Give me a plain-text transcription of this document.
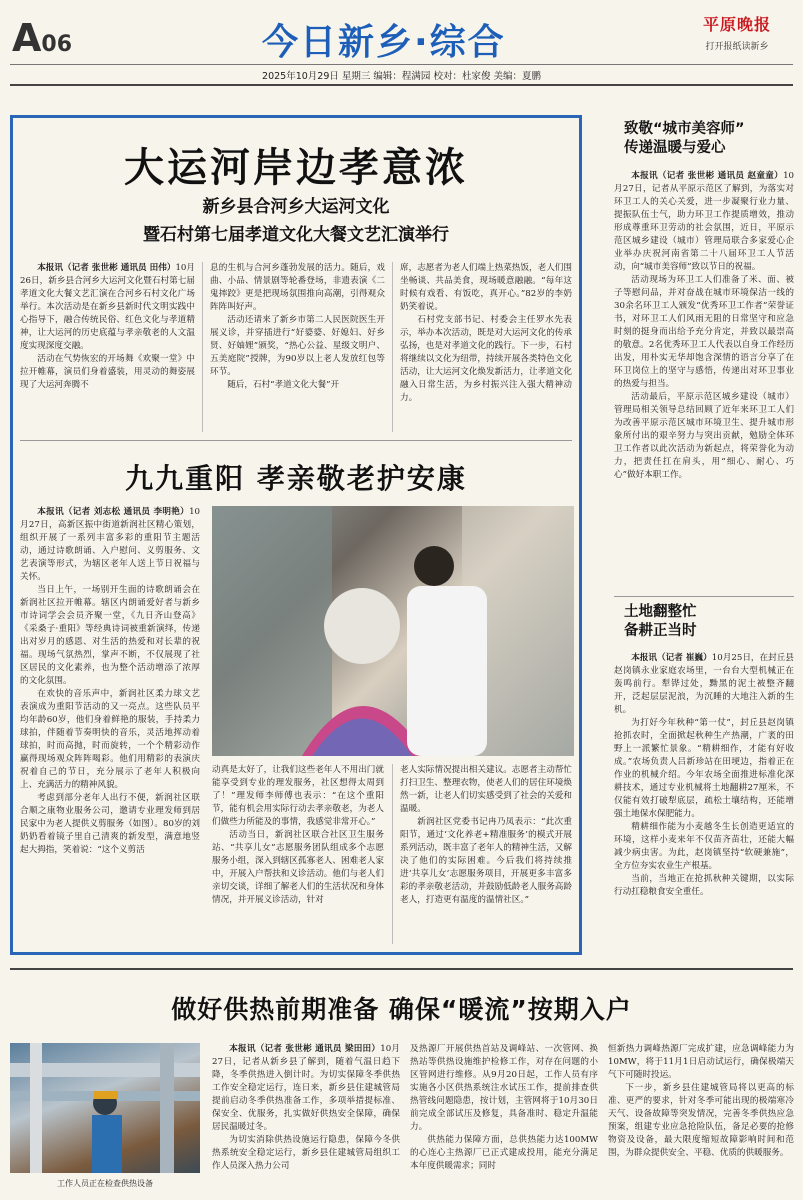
A06	今日新乡·综合	平原晚报
打开报纸读新乡
2025年10月29日 星期三 编辑：程满园 校对：杜家俊 美编：夏鹏
大运河岸边孝意浓
新乡县合河乡大运河文化
暨石村第七届孝道文化大餐文艺汇演举行

本报讯（记者 张世彬 通讯员 田伟）10月26日，新乡县合河乡大运河文化暨石村第七届孝道文化大餐文艺汇演在合河乡石村文化广场举行。本次活动是在新乡县新时代文明实践中心指导下，融合传统民俗、红色文化与孝道精神，让大运河的历史底蕴与孝亲敬老的人文温度实现深度交融。

活动在气势恢宏的开场舞《欢聚一堂》中拉开帷幕，演员们身着盛装，用灵动的舞姿展现了大运河奔腾不

息的生机与合河乡蓬勃发展的活力。随后，戏曲、小品、情景剧等轮番登场，非遗表演《二鬼摔跤》更是把现场氛围推向高潮，引得观众阵阵叫好声。

活动还请来了新乡市第二人民医院医生开展义诊，并穿插进行“好婆婆、好媳妇、好乡贤、好妯娌”颁奖，“热心公益、星级文明户、五美庭院”授牌，为90岁以上老人发放红包等环节。

随后，石村“孝道文化大餐”开

席，志愿者为老人们端上热菜热饭，老人们围坐畅谈、共品美食，现场暖意融融。“每年这时候有戏看、有饭吃，真开心。”82岁的李奶奶笑着说。

石村党支部书记、村委会主任罗水先表示，举办本次活动，既是对大运河文化的传承弘扬，也是对孝道文化的践行。下一步，石村将继续以文化为纽带，持续开展各类特色文化活动，让大运河文化焕发新活力，让孝道文化融入日常生活，为乡村振兴注入强大精神动力。

九九重阳 孝亲敬老护安康

本报讯（记者 刘志松 通讯员 李明艳）10月27日，高新区振中街道新润社区精心策划，组织开展了一系列丰富多彩的重阳节主题活动，通过诗歌朗诵、入户慰问、义剪服务、文艺表演等形式，为辖区老年人送上节日祝福与关怀。

当日上午，一场别开生面的诗歌朗诵会在新润社区拉开帷幕。辖区内朗诵爱好者与新乡市诗词学会会员齐聚一堂，《九日齐山登高》《采桑子·重阳》等经典诗词被重新演绎，传递出对岁月的感恩、对生活的热爱和对长辈的祝福。现场气氛热烈，掌声不断，不仅展现了社区居民的文化素养，也为整个活动增添了浓厚的文化氛围。

在欢快的音乐声中，新润社区柔力球文艺表演成为重阳节活动的又一亮点。这些队员平均年龄60岁，他们身着鲜艳的服装，手持柔力球拍，伴随着节奏明快的音乐，灵活地挥动着球拍，时而高抛，时而旋转，一个个精彩动作赢得现场观众阵阵喝彩。他们用精彩的表演庆祝着自己的节日，充分展示了老年人积极向上、充满活力的精神风貌。

考虑到部分老年人出行不便，新润社区联合顺之康物业服务公司，邀请专业理发师到居民家中为老人提供义剪服务（如图）。80岁的刘奶奶看着镜子里自己清爽的新发型，满意地竖起大拇指，笑着说：“这个义剪活

动真是太好了，让我们这些老年人不用出门就能享受到专业的理发服务，社区想得太周到了！”理发师李师傅也表示：“在这个重阳节，能有机会用实际行动去孝亲敬老，为老人们做些力所能及的事情，我感觉非常开心。”

活动当日，新润社区联合社区卫生服务站、“共享儿女”志愿服务团队组成多个志愿服务小组，深入到辖区孤寡老人、困难老人家中，开展入户帮扶和义诊活动。他们与老人们亲切交谈，详细了解老人们的生活状况和身体情况，并开展义诊活动，针对

老人实际情况提出相关建议。志愿者主动帮忙打扫卫生、整理衣物，使老人们的居住环境焕然一新，让老人们切实感受到了社会的关爱和温暖。

新润社区党委书记冉乃凤表示：“此次重阳节，通过‘文化养老+精准服务’的模式开展系列活动，既丰富了老年人的精神生活，又解决了他们的实际困难。今后我们将持续推进‘共享儿女’志愿服务项目，开展更多丰富多彩的孝亲敬老活动，并鼓励低龄老人服务高龄老人，打造更有温度的温情社区。”

致敬“城市美容师”
传递温暖与爱心

本报讯（记者 张世彬 通讯员 赵童童）10月27日，记者从平原示范区了解到，为落实对环卫工人的关心关爱，进一步凝聚行业力量、提振队伍士气，助力环卫工作提质增效，推动形成尊重环卫劳动的社会氛围，近日，平原示范区城乡建设（城市）管理局联合多家爱心企业举办庆祝河南省第二十八届环卫工人节活动，向“城市美容师”致以节日的祝福。

活动现场为环卫工人们准备了米、面、被子等慰问品，并对奋战在城市环境保洁一线的30余名环卫工人颁发“优秀环卫工作者”荣誉证书，对环卫工人们风雨无阻的日常坚守和应急时刻的挺身而出给予充分肯定，并致以最崇高的敬意。2名优秀环卫工人代表以自身工作经历出发，用朴实无华却饱含深情的语言分享了在环卫岗位上的坚守与感悟，传递出对环卫事业的热爱与担当。

活动最后，平原示范区城乡建设（城市）管理局相关领导总结回顾了近年来环卫工人们为改善平原示范区城市环境卫生、提升城市形象所付出的艰辛努力与突出贡献，勉励全体环卫工作者以此次活动为新起点，将荣誉化为动力，把责任扛在肩头，用“细心、耐心、巧心”做好本职工作。

土地翻整忙
备耕正当时

本报讯（记者 崔巍）10月25日，在封丘县赵岗镇永业家庭农场里，一台台大型机械正在轰鸣前行。犁铧过处，黝黑的泥土被整齐翻开，泛起层层泥浪，为沉睡的大地注入新的生机。

为打好今年秋种“第一仗”，封丘县赵岗镇抢抓农时，全面掀起秋种生产热潮，广袤的田野上一派繁忙景象。“精耕细作，才能有好收成。”农场负责人吕新珍站在田埂边，指着正在作业的机械介绍。今年农场全面推进标准化深耕技术，通过专业机械将土地翻耕27厘米，不仅能有效打破犁底层，疏松土壤结构，还能增强土地保水保肥能力。

精耕细作能为小麦越冬生长创造更适宜的环境，这样小麦来年不仅苗齐苗壮，还能大幅减少病虫害。为此，赵岗镇坚持“软硬兼施”，全方位夯实农业生产根基。

当前，当地正在抢抓秋种关键期，以实际行动扛稳粮食安全重任。

做好供热前期准备 确保“暖流”按期入户
工作人员正在检查供热设备

本报讯（记者 张世彬 通讯员 梁田田）10月27日，记者从新乡县了解到，随着气温日趋下降，冬季供热进入倒计时。为切实保障冬季供热工作安全稳定运行，连日来，新乡县住建城管局提前启动冬季供热准备工作，多项举措提标准、保安全、优服务，扎实做好供热安全保障，确保居民温暖过冬。

为切实消除供热设施运行隐患，保障今冬供热系统安全稳定运行，新乡县住建城管局组织工作人员深入热力公司

及热源厂开展供热首站及调峰站、一次管网、换热站等供热设施维护检修工作，对存在问题的小区管网进行维修。从9月20日起，工作人员有序实施各小区供热系统注水试压工作，提前排查供热管线问题隐患，按计划，主管网将于10月30日前完成全部试压及修复，具备准时、稳定升温能力。

供热能力保障方面，总供热能力达100MW的心连心主热源厂已正式建成投用，能充分满足本年度供暖需求；同时

恒新热力调峰热源厂完成扩建，应急调峰能力为10MW，将于11月1日启动试运行，确保极端天气下可随时投运。

下一步，新乡县住建城管局将以更高的标准、更严的要求，针对冬季可能出现的极端寒冷天气、设备故障等突发情况，完善冬季供热应急预案，组建专业应急抢险队伍，备足必要的抢修物资及设备，最大限度缩短故障影响时间和范围，为群众提供安全、平稳、优质的供暖服务。
